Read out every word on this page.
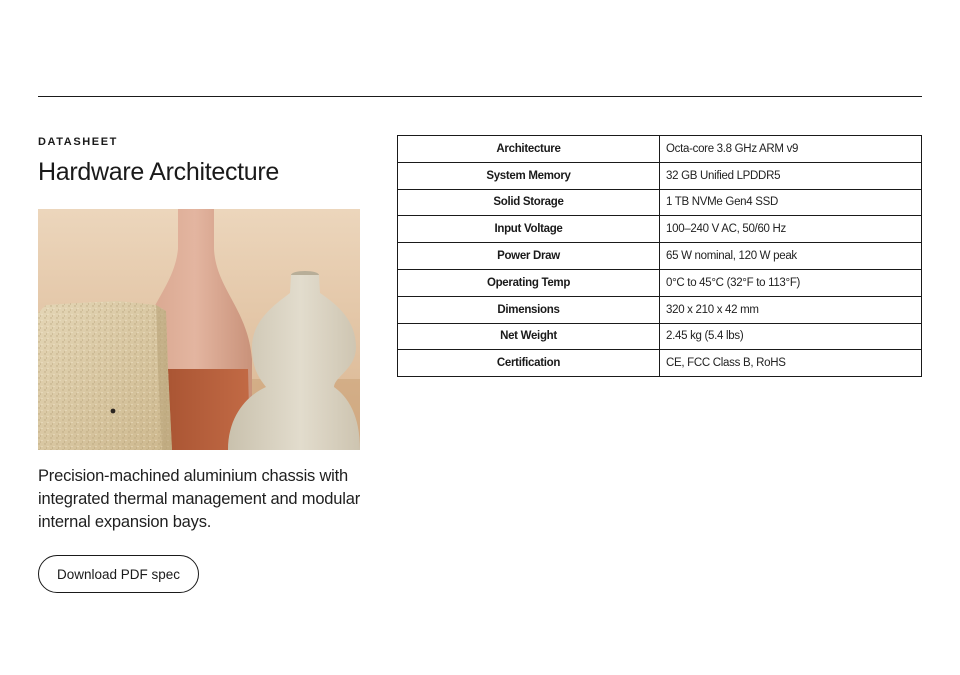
DATASHEET

Hardware Architecture

Precision-machined aluminium chassis with integrated thermal management and modular internal expansion bays.

Download PDF spec
Architecture	Octa-core 3.8 GHz ARM v9
System Memory	32 GB Unified LPDDR5
Solid Storage	1 TB NVMe Gen4 SSD
Input Voltage	100–240 V AC, 50/60 Hz
Power Draw	65 W nominal, 120 W peak
Operating Temp	0°C to 45°C (32°F to 113°F)
Dimensions	320 x 210 x 42 mm
Net Weight	2.45 kg (5.4 lbs)
Certification	CE, FCC Class B, RoHS
